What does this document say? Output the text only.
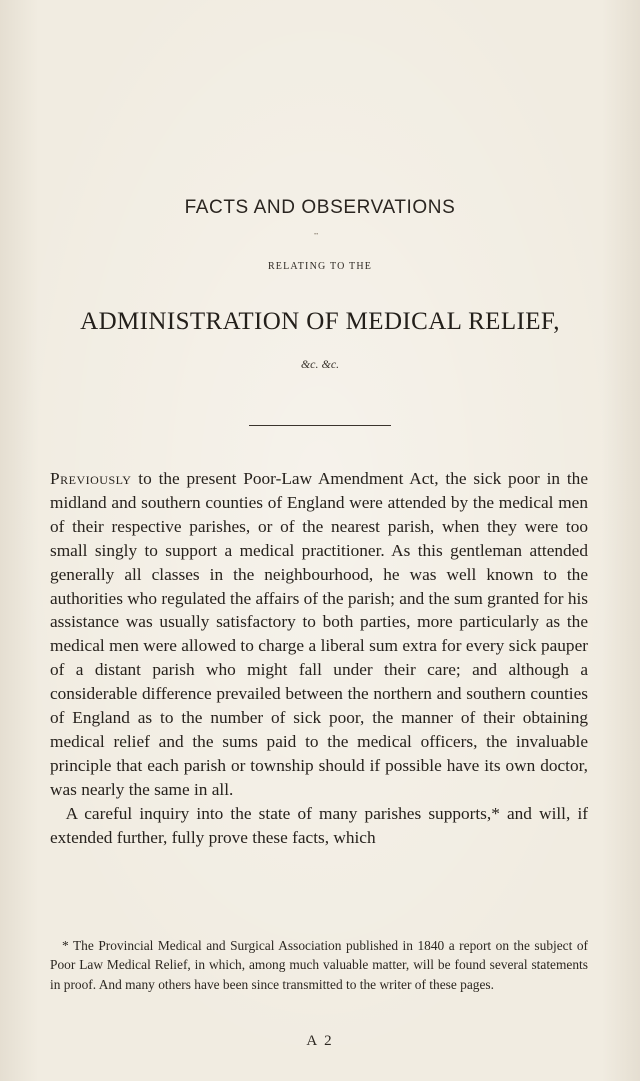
FACTS AND OBSERVATIONS
••
RELATING TO THE
ADMINISTRATION OF MEDICAL RELIEF,
&c. &c.

Previously to the present Poor-Law Amendment Act, the sick poor in the midland and southern counties of England were attended by the medical men of their respective parishes, or of the nearest parish, when they were too small singly to support a medical practitioner. As this gentleman attended generally all classes in the neighbourhood, he was well known to the authorities who regulated the affairs of the parish; and the sum granted for his assistance was usually satisfactory to both parties, more particularly as the medical men were allowed to charge a liberal sum extra for every sick pauper of a distant parish who might fall under their care; and although a considerable difference prevailed between the northern and southern counties of England as to the number of sick poor, the manner of their obtaining medical relief and the sums paid to the medical officers, the invaluable principle that each parish or township should if possible have its own doctor, was nearly the same in all.

A careful inquiry into the state of many parishes supports,* and will, if extended further, fully prove these facts, which

* The Provincial Medical and Surgical Association published in 1840 a report on the subject of Poor Law Medical Relief, in which, among much valuable matter, will be found several statements in proof. And many others have been since transmitted to the writer of these pages.

A 2
